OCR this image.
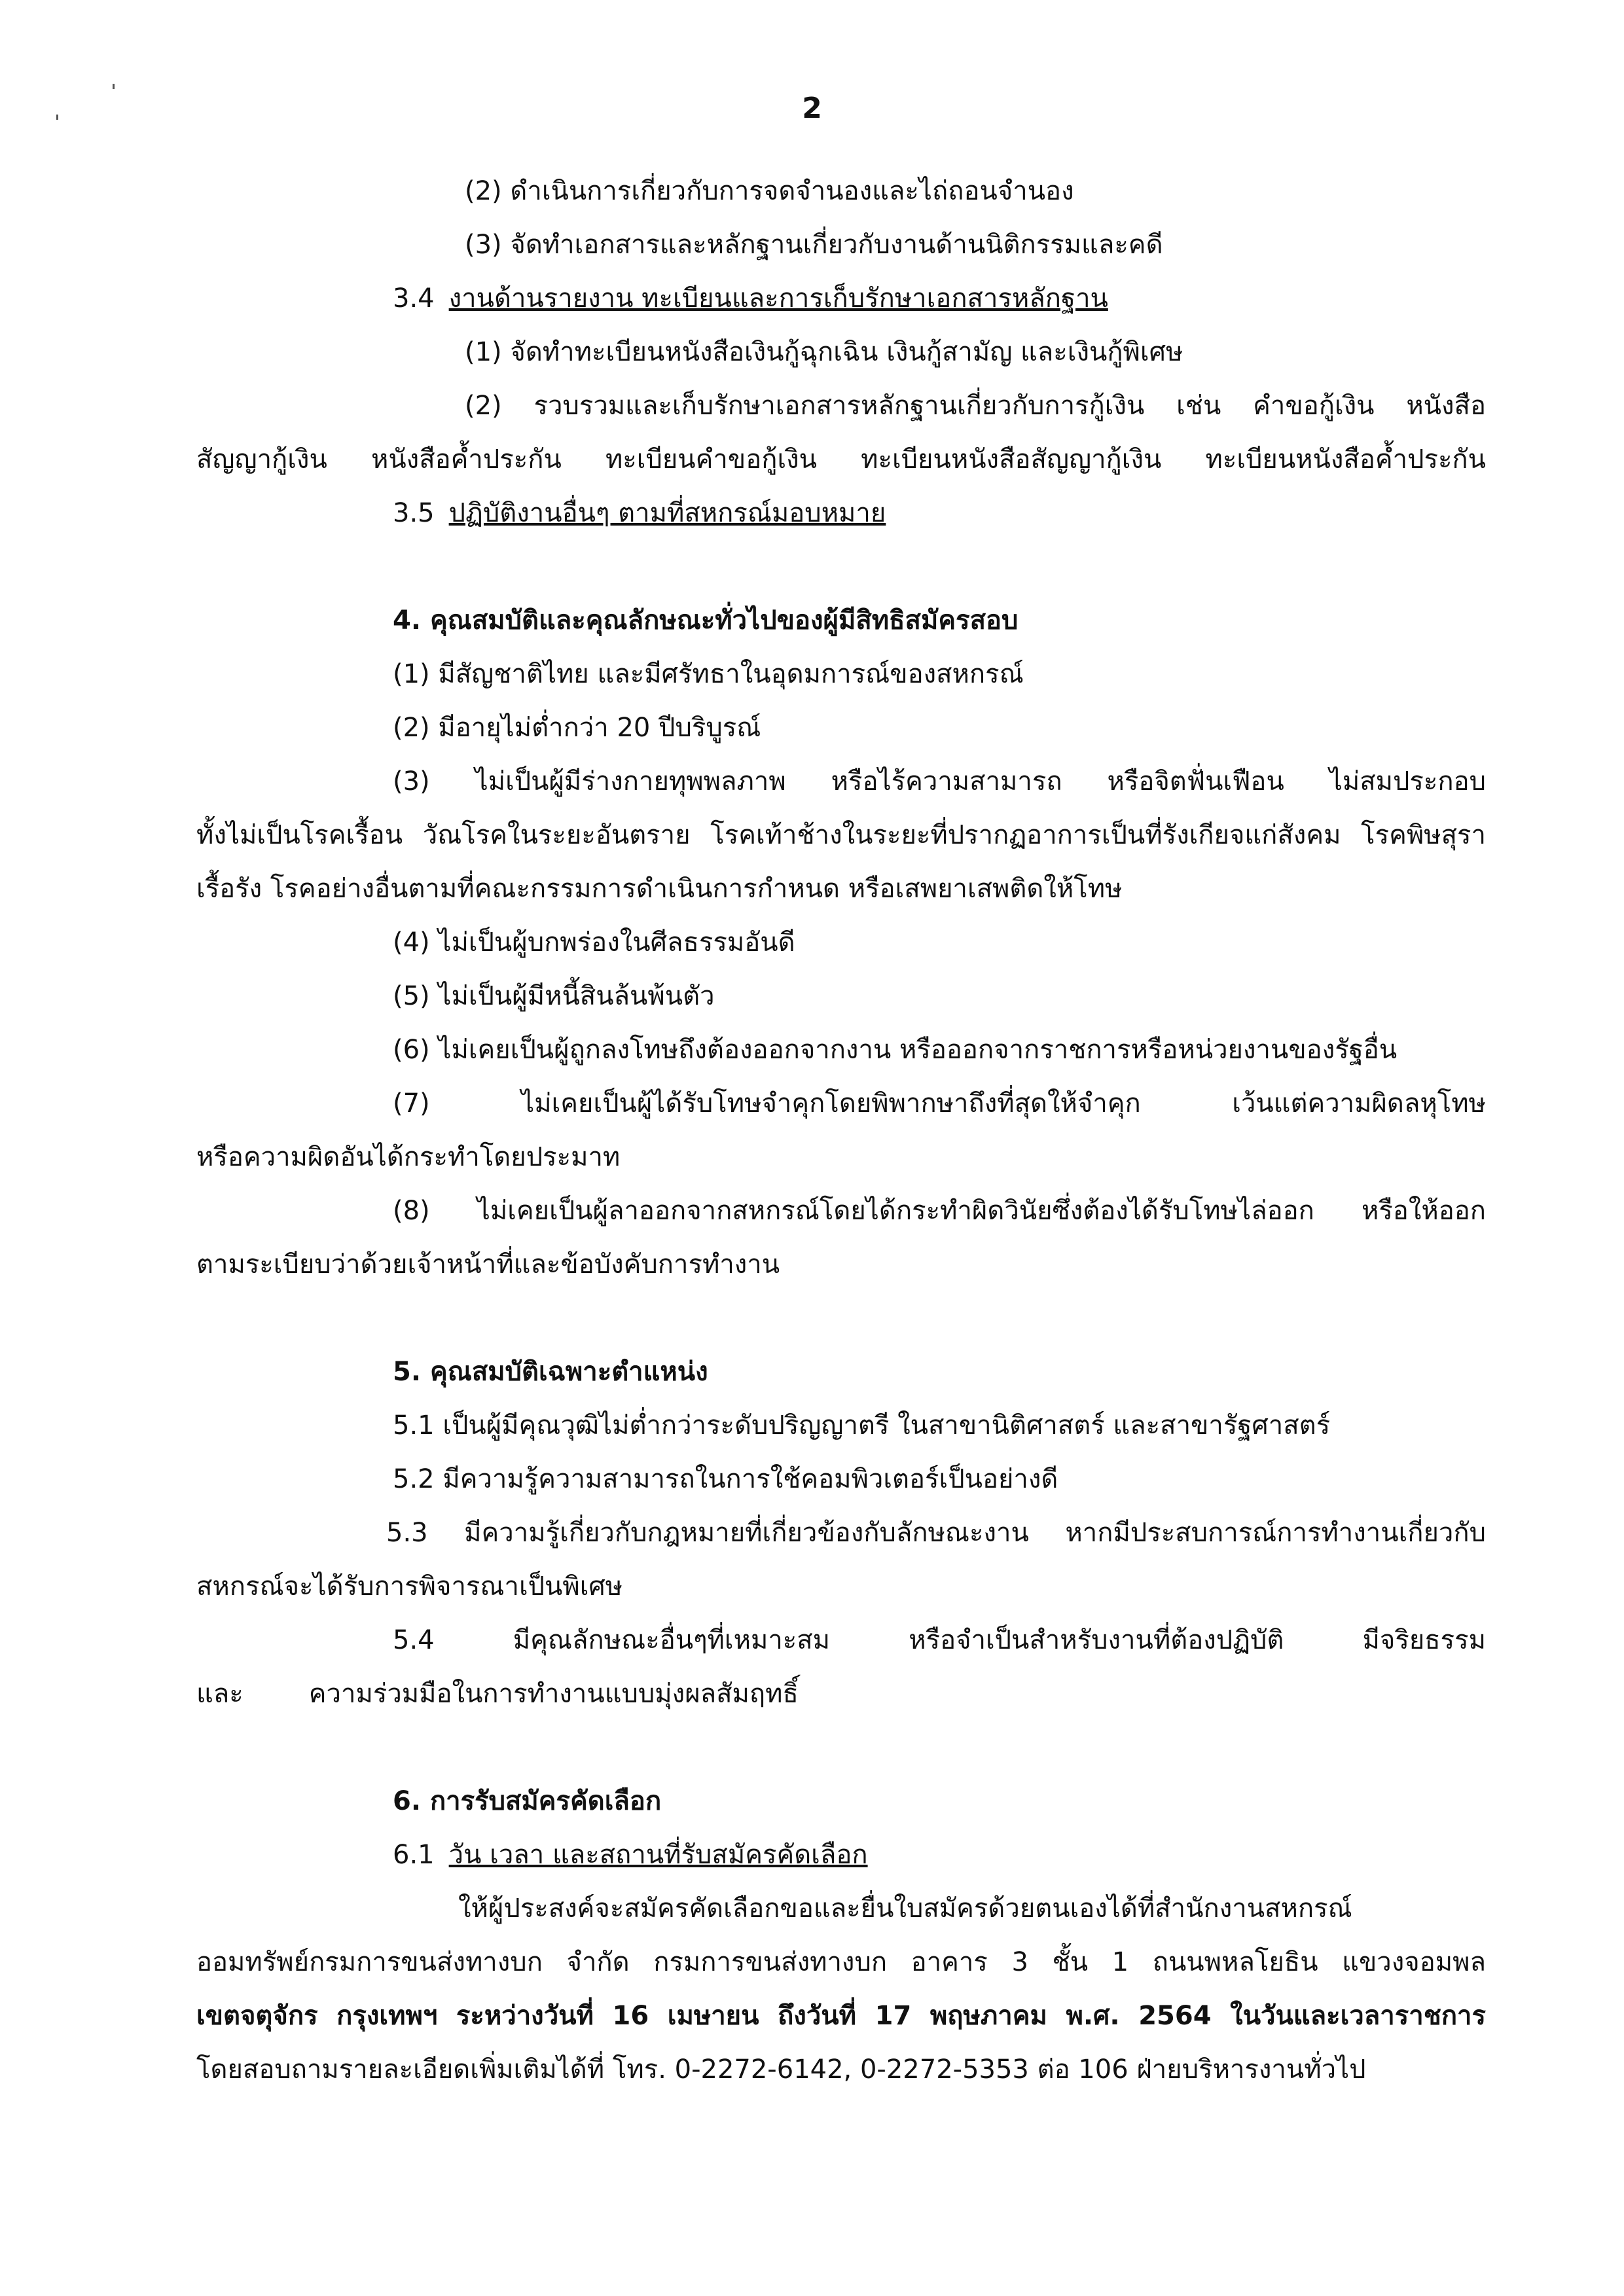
2
(2) ดำเนินการเกี่ยวกับการจดจำนองและไถ่ถอนจำนอง
(3) จัดทำเอกสารและหลักฐานเกี่ยวกับงานด้านนิติกรรมและคดี
3.4 งานด้านรายงาน ทะเบียนและการเก็บรักษาเอกสารหลักฐาน
(1) จัดทำทะเบียนหนังสือเงินกู้ฉุกเฉิน เงินกู้สามัญ และเงินกู้พิเศษ
(2) รวบรวมและเก็บรักษาเอกสารหลักฐานเกี่ยวกับการกู้เงิน เช่น คำขอกู้เงิน หนังสือ
สัญญากู้เงิน หนังสือค้ำประกัน ทะเบียนคำขอกู้เงิน ทะเบียนหนังสือสัญญากู้เงิน ทะเบียนหนังสือค้ำประกัน
3.5 ปฏิบัติงานอื่นๆ ตามที่สหกรณ์มอบหมาย
4. คุณสมบัติและคุณลักษณะทั่วไปของผู้มีสิทธิสมัครสอบ
(1) มีสัญชาติไทย และมีศรัทธาในอุดมการณ์ของสหกรณ์
(2) มีอายุไม่ต่ำกว่า 20 ปีบริบูรณ์
(3) ไม่เป็นผู้มีร่างกายทุพพลภาพ หรือไร้ความสามารถ หรือจิตฟั่นเฟือน ไม่สมประกอบ
ทั้งไม่เป็นโรคเรื้อน วัณโรคในระยะอันตราย โรคเท้าช้างในระยะที่ปรากฏอาการเป็นที่รังเกียจแก่สังคม โรคพิษสุรา
เรื้อรัง โรคอย่างอื่นตามที่คณะกรรมการดำเนินการกำหนด หรือเสพยาเสพติดให้โทษ
(4) ไม่เป็นผู้บกพร่องในศีลธรรมอันดี
(5) ไม่เป็นผู้มีหนี้สินล้นพ้นตัว
(6) ไม่เคยเป็นผู้ถูกลงโทษถึงต้องออกจากงาน หรือออกจากราชการหรือหน่วยงานของรัฐอื่น
(7) ไม่เคยเป็นผู้ได้รับโทษจำคุกโดยพิพากษาถึงที่สุดให้จำคุก เว้นแต่ความผิดลหุโทษ
หรือความผิดอันได้กระทำโดยประมาท
(8) ไม่เคยเป็นผู้ลาออกจากสหกรณ์โดยได้กระทำผิดวินัยซึ่งต้องได้รับโทษไล่ออก หรือให้ออก
ตามระเบียบว่าด้วยเจ้าหน้าที่และข้อบังคับการทำงาน
5. คุณสมบัติเฉพาะตำแหน่ง
5.1 เป็นผู้มีคุณวุฒิไม่ต่ำกว่าระดับปริญญาตรี ในสาขานิติศาสตร์ และสาขารัฐศาสตร์
5.2 มีความรู้ความสามารถในการใช้คอมพิวเตอร์เป็นอย่างดี
5.3 มีความรู้เกี่ยวกับกฎหมายที่เกี่ยวข้องกับลักษณะงาน หากมีประสบการณ์การทำงานเกี่ยวกับ
สหกรณ์จะได้รับการพิจารณาเป็นพิเศษ
5.4 มีคุณลักษณะอื่นๆที่เหมาะสม หรือจำเป็นสำหรับงานที่ต้องปฏิบัติ มีจริยธรรม
และ	ความร่วมมือในการทำงานแบบมุ่งผลสัมฤทธิ์
6. การรับสมัครคัดเลือก
6.1 วัน เวลา และสถานที่รับสมัครคัดเลือก
ให้ผู้ประสงค์จะสมัครคัดเลือกขอและยื่นใบสมัครด้วยตนเองได้ที่สำนักงานสหกรณ์
ออมทรัพย์กรมการขนส่งทางบก จำกัด กรมการขนส่งทางบก อาคาร 3 ชั้น 1 ถนนพหลโยธิน แขวงจอมพล
เขตจตุจักร กรุงเทพฯ ระหว่างวันที่ 16 เมษายน ถึงวันที่ 17 พฤษภาคม พ.ศ. 2564 ในวันและเวลาราชการ
โดยสอบถามรายละเอียดเพิ่มเติมได้ที่ โทร. 0-2272-6142, 0-2272-5353 ต่อ 106 ฝ่ายบริหารงานทั่วไป
